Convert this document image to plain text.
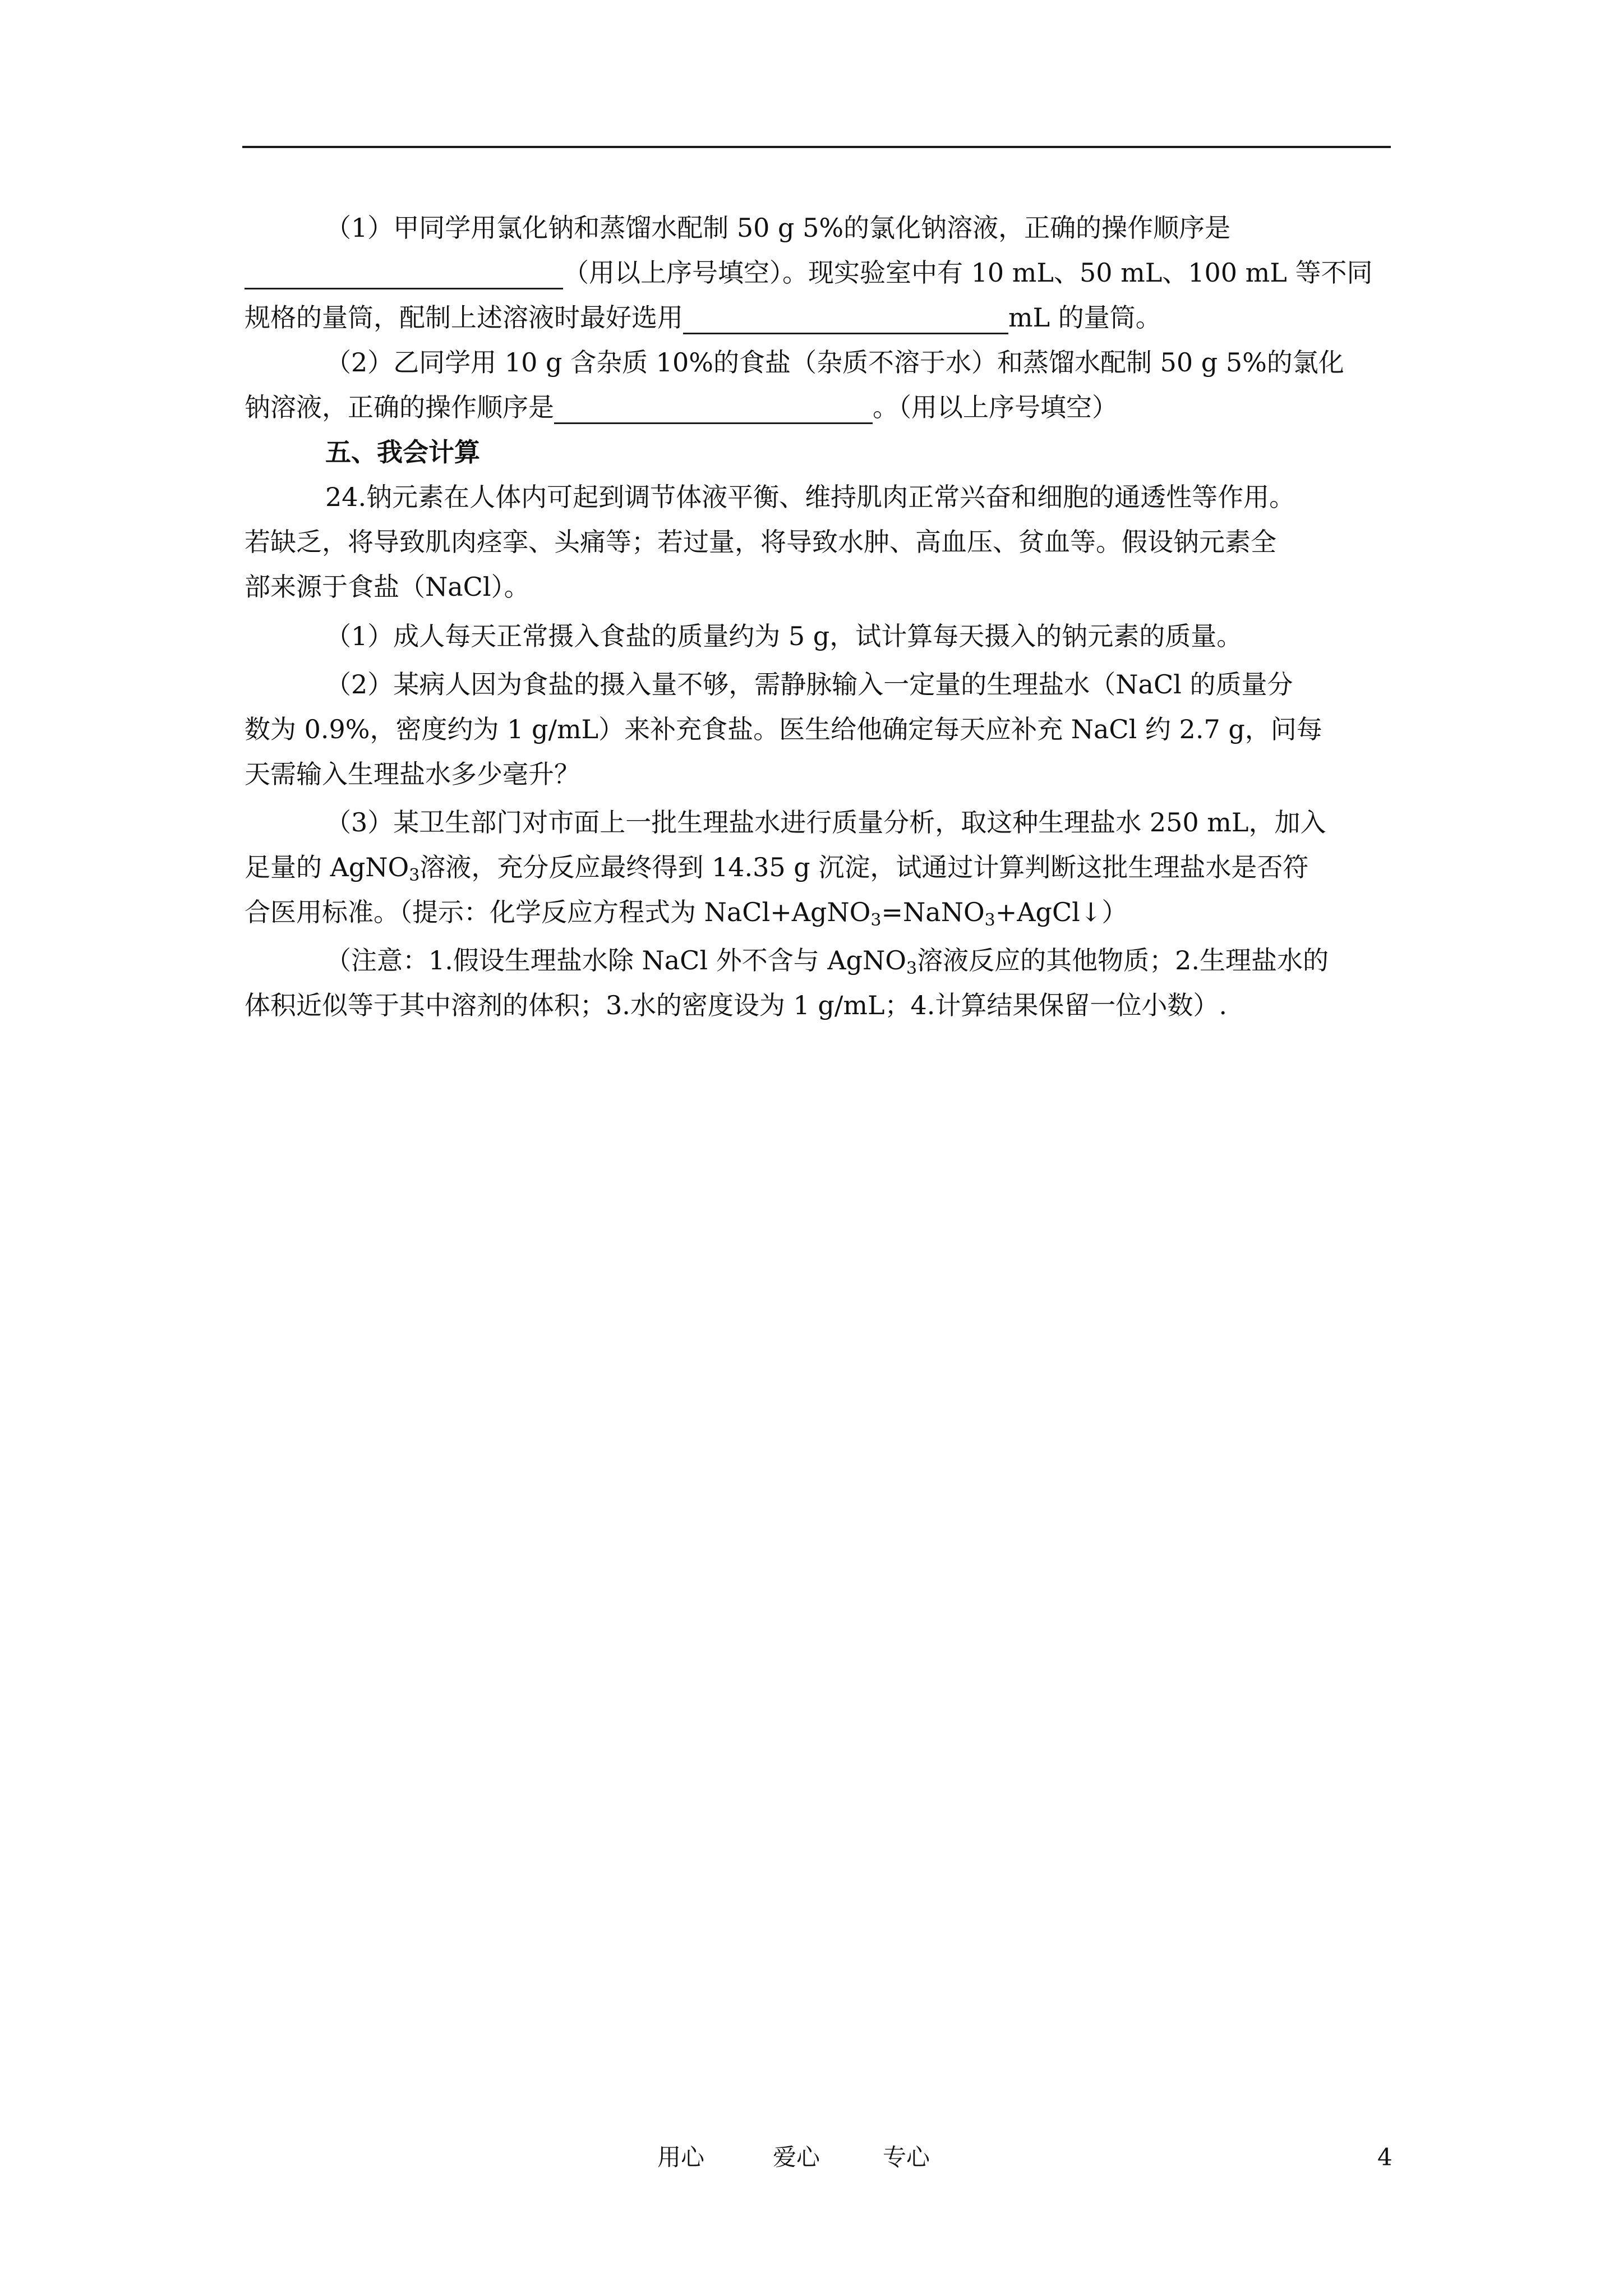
（1）甲同学用氯化钠和蒸馏水配制 50 g 5%的氯化钠溶液，正确的操作顺序是
（用以上序号填空）。现实验室中有 10 mL、50 mL、100 mL 等不同
规格的量筒，配制上述溶液时最好选用	mL 的量筒。
（2）乙同学用 10 g 含杂质 10%的食盐（杂质不溶于水）和蒸馏水配制 50 g 5%的氯化
钠溶液，正确的操作顺序是	。（用以上序号填空）
五、我会计算
24.钠元素在人体内可起到调节体液平衡、维持肌肉正常兴奋和细胞的通透性等作用。
若缺乏，将导致肌肉痉挛、头痛等；若过量，将导致水肿、高血压、贫血等。假设钠元素全
部来源于食盐（NaCl）。
（1）成人每天正常摄入食盐的质量约为 5 g，试计算每天摄入的钠元素的质量。
（2）某病人因为食盐的摄入量不够，需静脉输入一定量的生理盐水（NaCl 的质量分
数为 0.9%，密度约为 1 g/mL）来补充食盐。医生给他确定每天应补充 NaCl 约 2.7 g，问每
天需输入生理盐水多少毫升？
（3）某卫生部门对市面上一批生理盐水进行质量分析，取这种生理盐水 250 mL，加入
足量的 AgNO$_3$溶液，充分反应最终得到 14.35 g 沉淀，试通过计算判断这批生理盐水是否符
合医用标准。（提示：化学反应方程式为 NaCl+AgNO$_3$=NaNO$_3$+AgCl↓）
（注意：1.假设生理盐水除 NaCl 外不含与 AgNO$_3$溶液反应的其他物质；2.生理盐水的
体积近似等于其中溶剂的体积；3.水的密度设为 1 g/mL；4.计算结果保留一位小数）.
用心	爱心	专心	4
